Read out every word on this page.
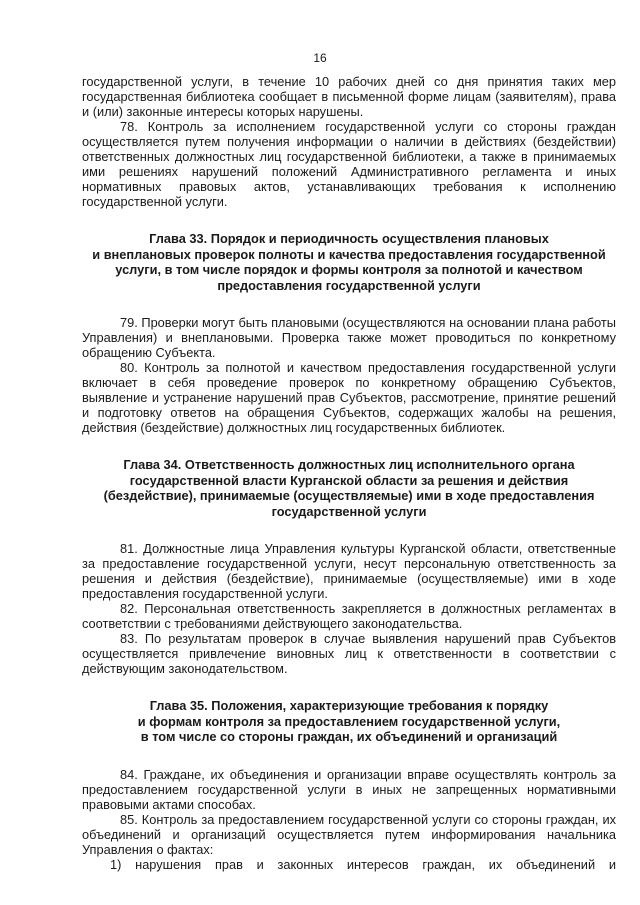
16

государственной услуги, в течение 10 рабочих дней со дня принятия таких мер государственная библиотека сообщает в письменной форме лицам (заявителям), права и (или) законные интересы которых нарушены.

78. Контроль за исполнением государственной услуги со стороны граждан осуществляется путем получения информации о наличии в действиях (бездействии) ответственных должностных лиц государственной библиотеки, а также в принимаемых ими решениях нарушений положений Административного регламента и иных нормативных правовых актов, устанавливающих требования к исполнению государственной услуги.

Глава 33. Порядок и периодичность осуществления плановых
и внеплановых проверок полноты и качества предоставления государственной
услуги, в том числе порядок и формы контроля за полнотой и качеством
предоставления государственной услуги

79. Проверки могут быть плановыми (осуществляются на основании плана работы Управления) и внеплановыми. Проверка также может проводиться по конкретному обращению Субъекта.

80. Контроль за полнотой и качеством предоставления государственной услуги включает в себя проведение проверок по конкретному обращению Субъектов, выявление и устранение нарушений прав Субъектов, рассмотрение, принятие решений и подготовку ответов на обращения Субъектов, содержащих жалобы на решения, действия (бездействие) должностных лиц государственных библиотек.

Глава 34. Ответственность должностных лиц исполнительного органа
государственной власти Курганской области за решения и действия
(бездействие), принимаемые (осуществляемые) ими в ходе предоставления
государственной услуги

81. Должностные лица Управления культуры Курганской области, ответственные за предоставление государственной услуги, несут персональную ответственность за решения и действия (бездействие), принимаемые (осуществляемые) ими в ходе предоставления государственной услуги.

82. Персональная ответственность закрепляется в должностных регламентах в соответствии с требованиями действующего законодательства.

83. По результатам проверок в случае выявления нарушений прав Субъектов осуществляется привлечение виновных лиц к ответственности в соответствии с действующим законодательством.

Глава 35. Положения, характеризующие требования к порядку
и формам контроля за предоставлением государственной услуги,
в том числе со стороны граждан, их объединений и организаций

84. Граждане, их объединения и организации вправе осуществлять контроль за предоставлением государственной услуги в иных не запрещенных нормативными правовыми актами способах.

85. Контроль за предоставлением государственной услуги со стороны граждан, их объединений и организаций осуществляется путем информирования начальника Управления о фактах:

1) нарушения прав и законных интересов граждан, их объединений и
